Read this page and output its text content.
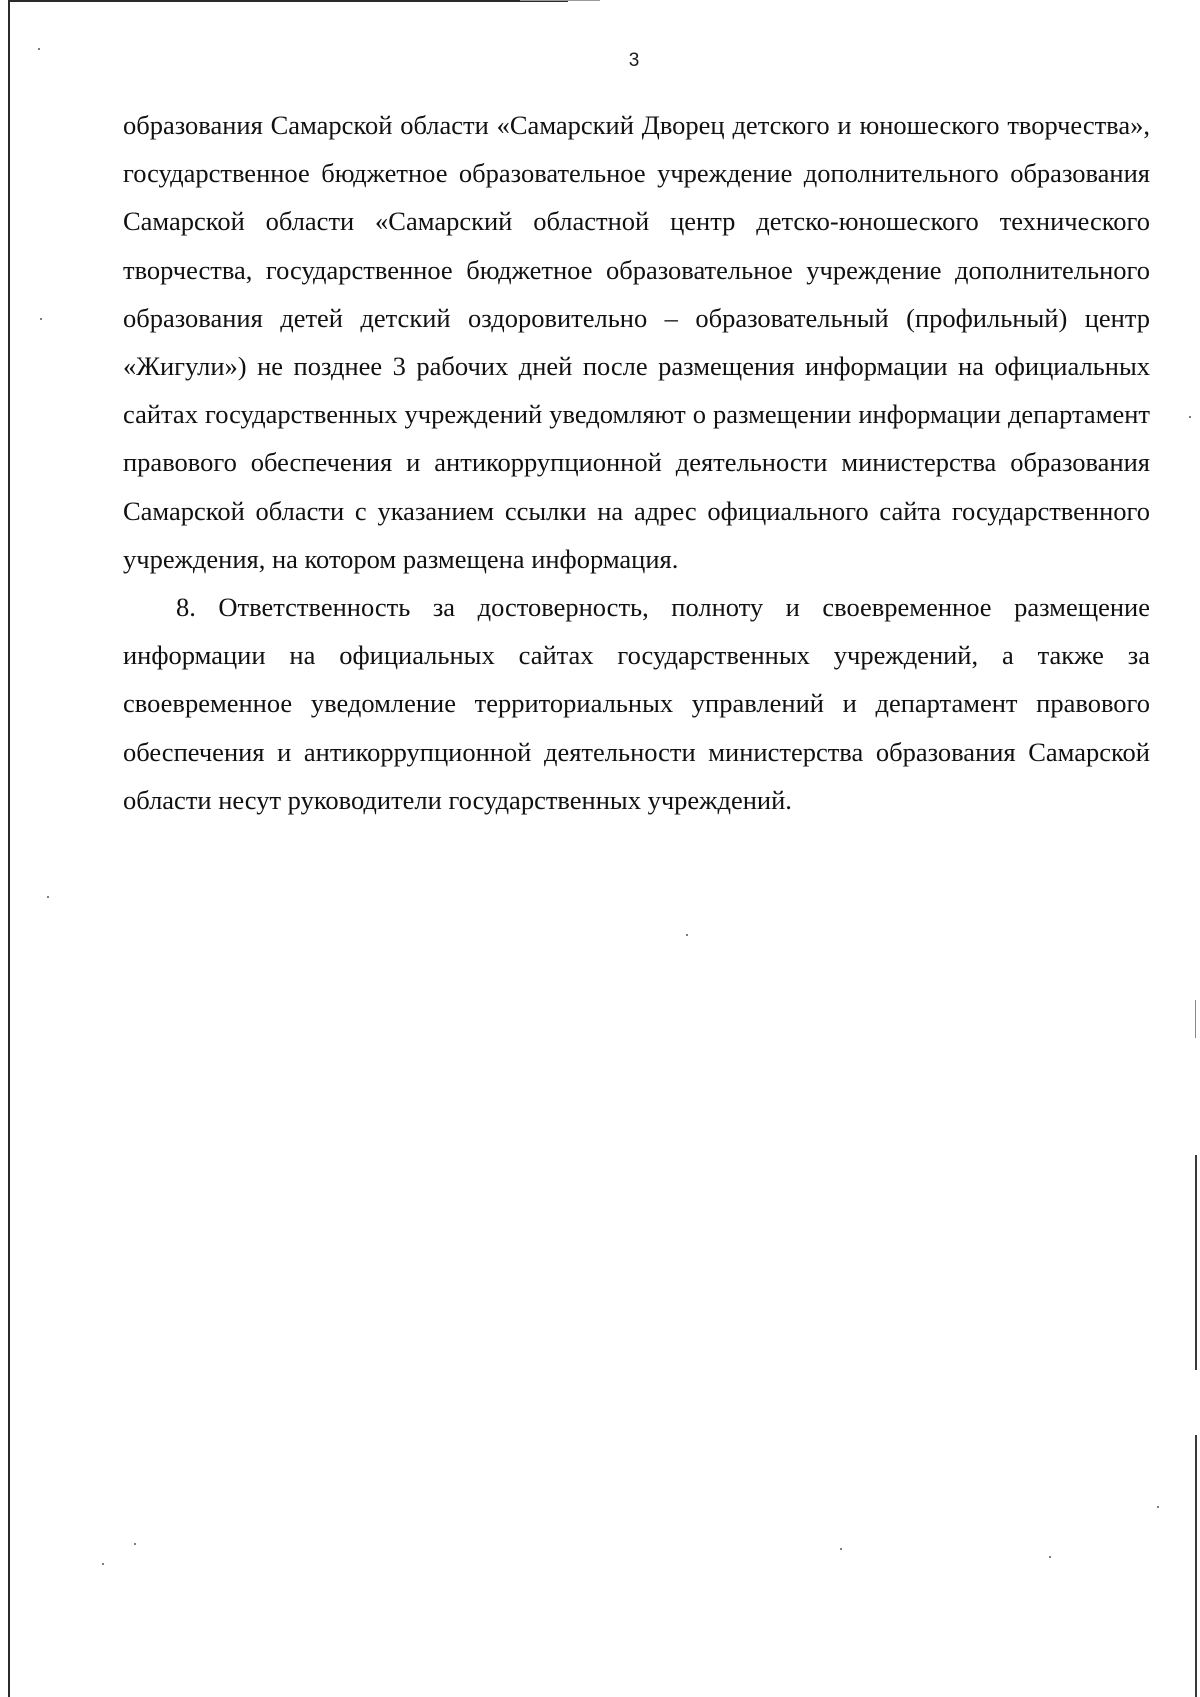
3

образования Самарской области «Самарский Дворец детского и юношеского творчества», государственное бюджетное образовательное учреждение дополнительного образования Самарской области «Самарский областной центр детско-юношеского технического творчества, государственное бюджетное образовательное учреждение дополнительного образования детей детский оздоровительно – образовательный (профильный) центр «Жигули») не позднее 3 рабочих дней после размещения информации на официальных сайтах государственных учреждений уведомляют о размещении информации департамент правового обеспечения и антикоррупционной деятельности министерства образования Самарской области с указанием ссылки на адрес официального сайта государственного учреждения, на котором размещена информация.

8. Ответственность за достоверность, полноту и своевременное размещение информации на официальных сайтах государственных учреждений, а также за своевременное уведомление территориальных управлений и департамент правового обеспечения и антикоррупционной деятельности министерства образования Самарской области несут руководители государственных учреждений.
